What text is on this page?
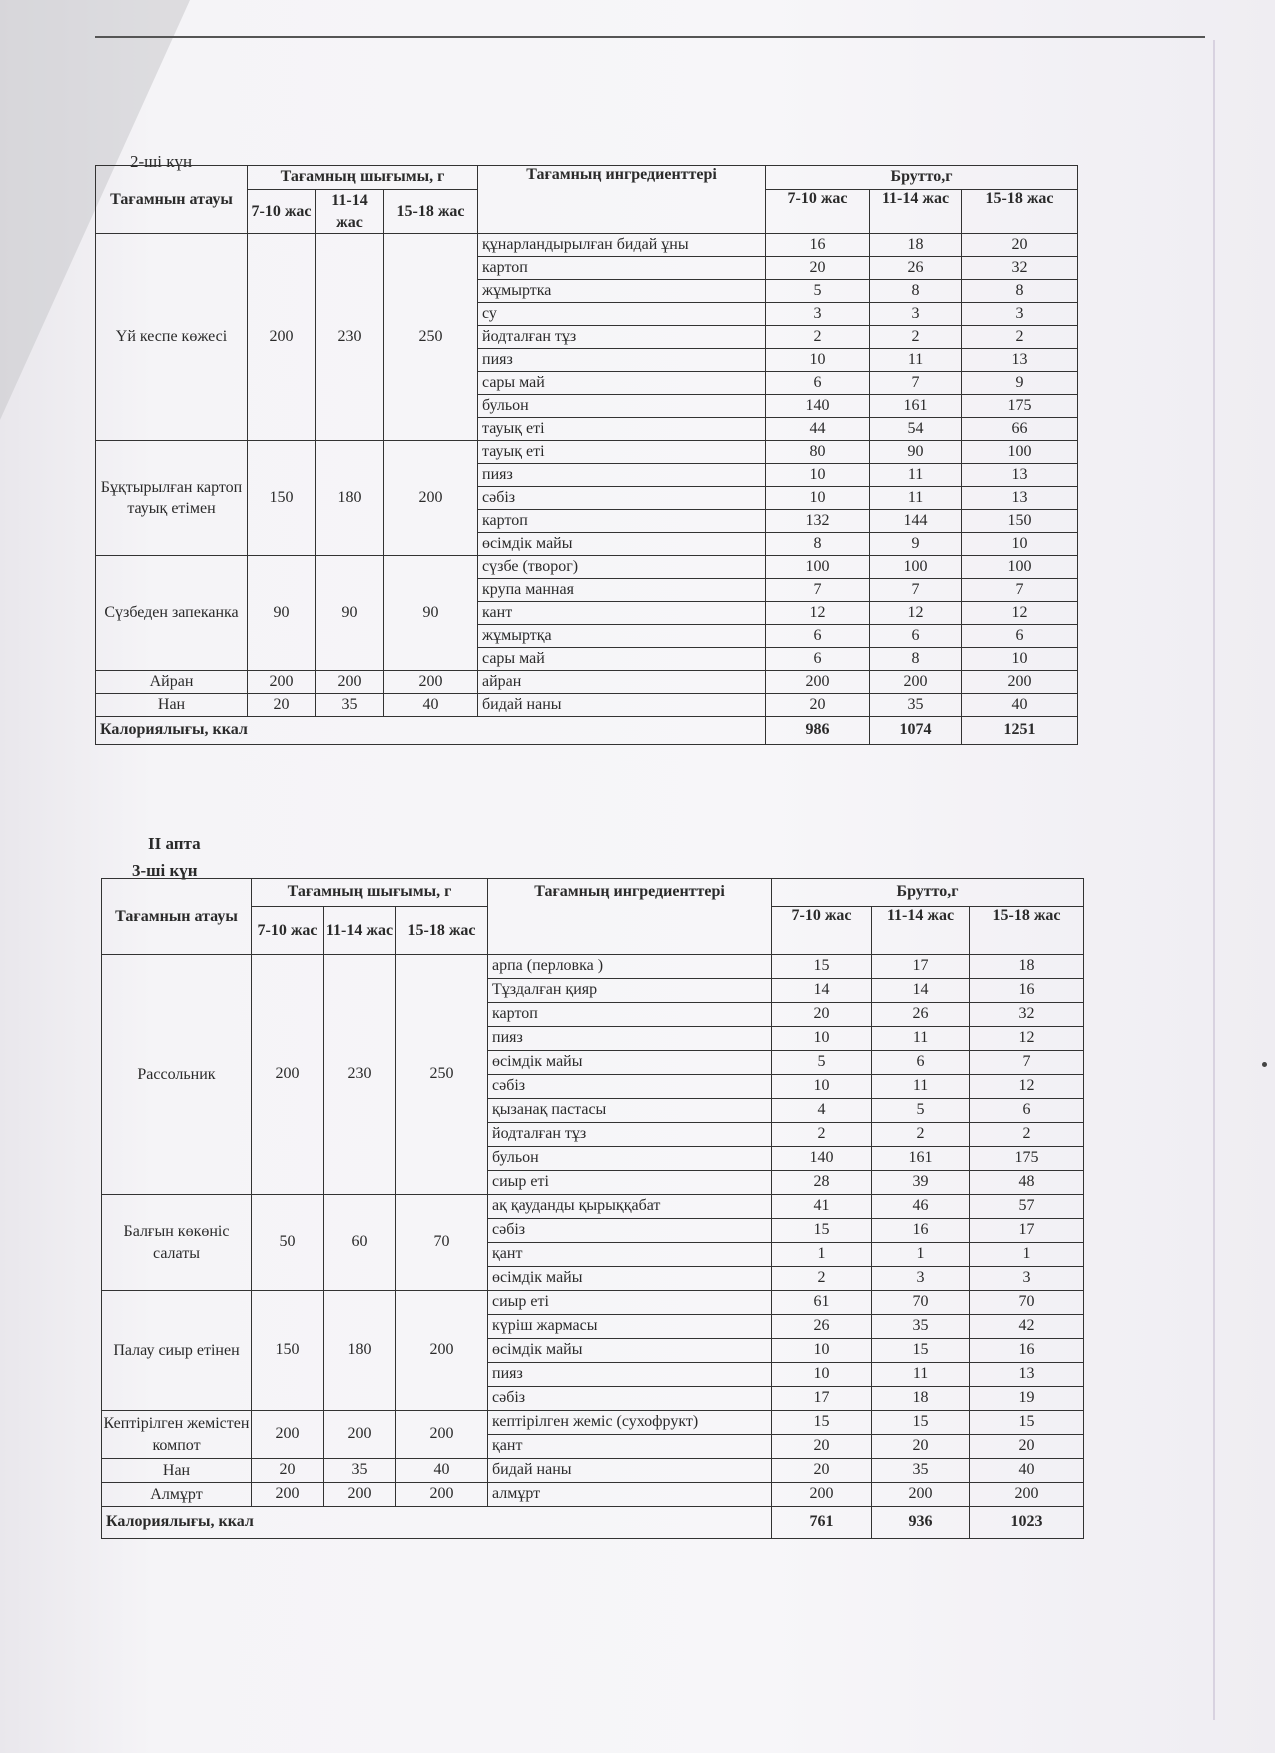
2-ші күн
Тағамнын атауы	Тағамның шығымы, г			Тағамның ингредиенттері	Брутто,г		
	7-10 жас	11-14 жас	15-18 жас		7-10 жас	11-14 жас	15-18 жас
Үй кеспе көжесі	200	230	250	құнарландырылған бидай ұны	16	18	20
				картоп	20	26	32
				жұмыртка	5	8	8
				су	3	3	3
				йодталған тұз	2	2	2
				пияз	10	11	13
				сары май	6	7	9
				бульон	140	161	175
				тауық еті	44	54	66
Бұқтырылған картоп тауық етімен	150	180	200	тауық еті	80	90	100
				пияз	10	11	13
				сәбіз	10	11	13
				картоп	132	144	150
				өсімдік майы	8	9	10
Сүзбеден запеканка	90	90	90	сүзбе (творог)	100	100	100
				крупа манная	7	7	7
				кант	12	12	12
				жұмыртқа	6	6	6
				сары май	6	8	10
Айран	200	200	200	айран	200	200	200
Нан	20	35	40	бидай наны	20	35	40
Калориялығы, ккал					986	1074	1251
II апта
3-ші күн
Тағамнын атауы	Тағамның шығымы, г			Тағамның ингредиенттері	Брутто,г		
	7-10 жас	11-14 жас	15-18 жас		7-10 жас	11-14 жас	15-18 жас
Рассольник	200	230	250	арпа (перловка )	15	17	18
				Тұздалған қияр	14	14	16
				картоп	20	26	32
				пияз	10	11	12
				өсімдік майы	5	6	7
				сәбіз	10	11	12
				қызанақ пастасы	4	5	6
				йодталған тұз	2	2	2
				бульон	140	161	175
				сиыр еті	28	39	48
Балғын көкөніс салаты	50	60	70	ақ қауданды қырыққабат	41	46	57
				сәбіз	15	16	17
				қант	1	1	1
				өсімдік майы	2	3	3
Палау сиыр етінен	150	180	200	сиыр еті	61	70	70
				күріш жармасы	26	35	42
				өсімдік майы	10	15	16
				пияз	10	11	13
				сәбіз	17	18	19
Кептірілген жемістен компот	200	200	200	кептірілген жеміс (сухофрукт)	15	15	15
				қант	20	20	20
Нан	20	35	40	бидай наны	20	35	40
Алмұрт	200	200	200	алмұрт	200	200	200
Калориялығы, ккал					761	936	1023
